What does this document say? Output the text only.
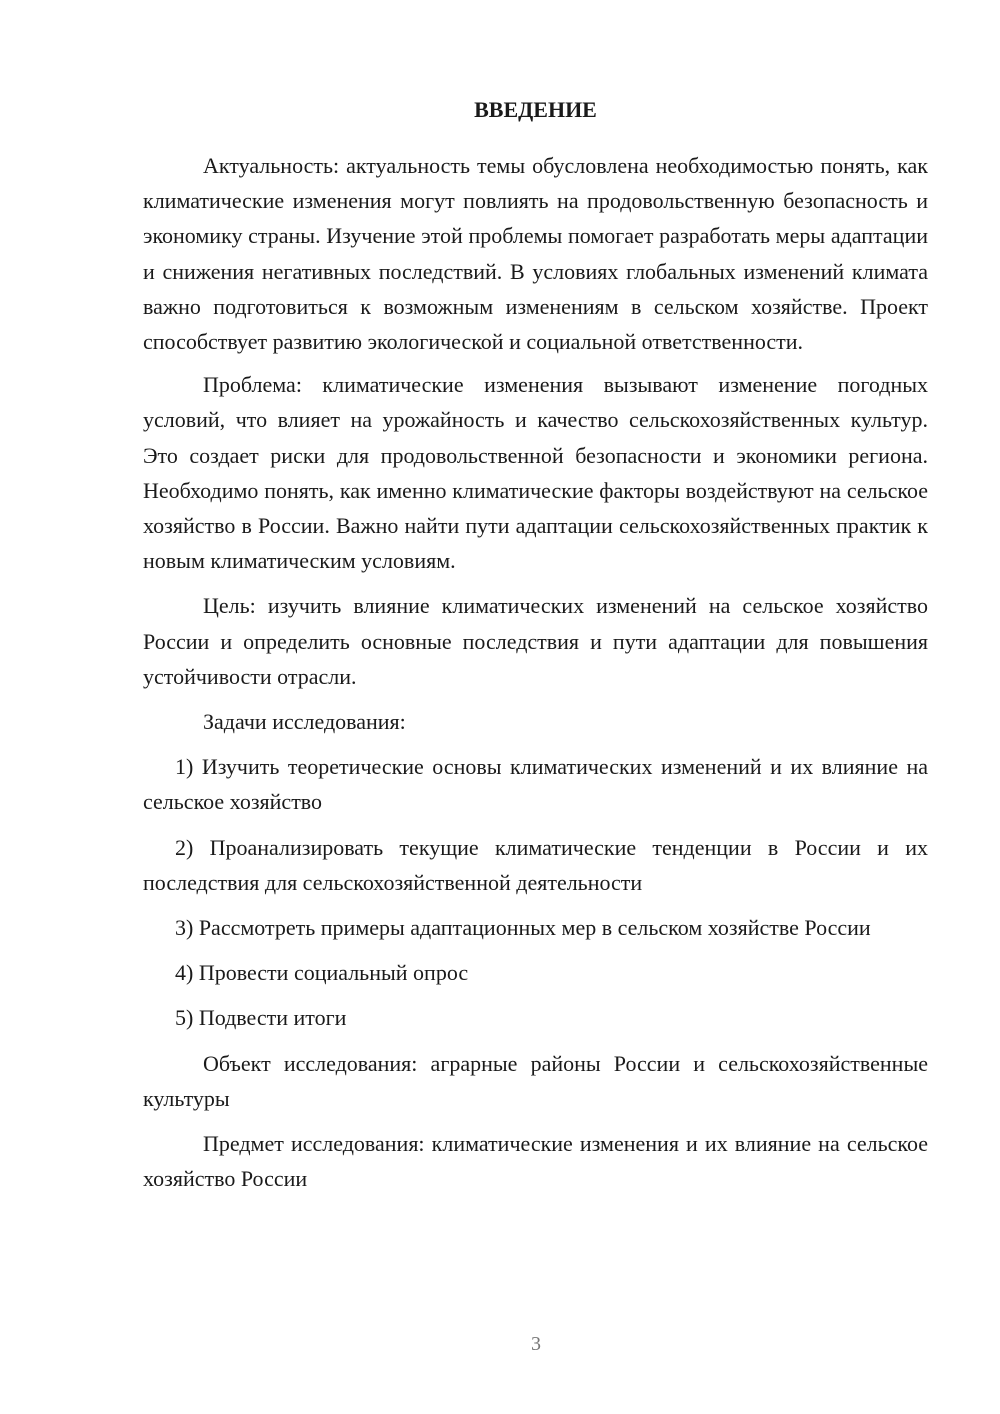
ВВЕДЕНИЕ

Актуальность: актуальность темы обусловлена необходимостью понять, как климатические изменения могут повлиять на продовольственную безопасность и экономику страны. Изучение этой проблемы помогает разработать меры адаптации и снижения негативных последствий. В условиях глобальных изменений климата важно подготовиться к возможным изменениям в сельском хозяйстве. Проект способствует развитию экологической и социальной ответственности.

Проблема: климатические изменения вызывают изменение погодных условий, что влияет на урожайность и качество сельскохозяйственных культур. Это создает риски для продовольственной безопасности и экономики региона. Необходимо понять, как именно климатические факторы воздействуют на сельское хозяйство в России. Важно найти пути адаптации сельскохозяйственных практик к новым климатическим условиям.

Цель: изучить влияние климатических изменений на сельское хозяйство России и определить основные последствия и пути адаптации для повышения устойчивости отрасли.

Задачи исследования:

1) Изучить теоретические основы климатических изменений и их влияние на сельское хозяйство

2) Проанализировать текущие климатические тенденции в России и их последствия для сельскохозяйственной деятельности

3) Рассмотреть примеры адаптационных мер в сельском хозяйстве России

4) Провести социальный опрос

5) Подвести итоги

Объект исследования: аграрные районы России и сельскохозяйственные культуры

Предмет исследования: климатические изменения и их влияние на сельское хозяйство России

3
